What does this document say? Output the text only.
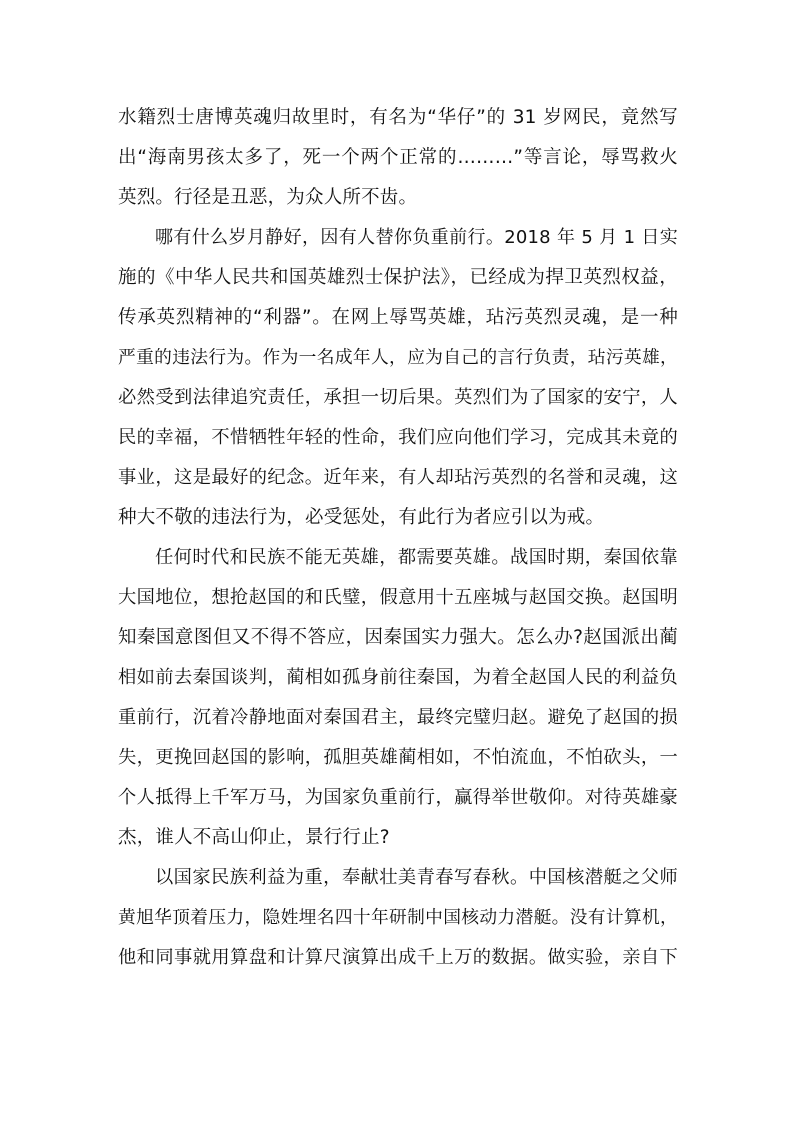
水籍烈士唐博英魂归故里时，有名为“华仔”的 31 岁网民，竟然写
出“海南男孩太多了，死一个两个正常的………”等言论，辱骂救火
英烈。行径是丑恶，为众人所不齿。
哪有什么岁月静好，因有人替你负重前行。2018 年 5 月 1 日实
施的《中华人民共和国英雄烈士保护法》，已经成为捍卫英烈权益，
传承英烈精神的“利器”。在网上辱骂英雄，玷污英烈灵魂，是一种
严重的违法行为。作为一名成年人，应为自己的言行负责，玷污英雄，
必然受到法律追究责任，承担一切后果。英烈们为了国家的安宁，人
民的幸福，不惜牺牲年轻的性命，我们应向他们学习，完成其未竟的
事业，这是最好的纪念。近年来，有人却玷污英烈的名誉和灵魂，这
种大不敬的违法行为，必受惩处，有此行为者应引以为戒。
任何时代和民族不能无英雄，都需要英雄。战国时期，秦国依靠
大国地位，想抢赵国的和氏璧，假意用十五座城与赵国交换。赵国明
知秦国意图但又不得不答应，因秦国实力强大。怎么办?赵国派出蔺
相如前去秦国谈判，蔺相如孤身前往秦国，为着全赵国人民的利益负
重前行，沉着冷静地面对秦国君主，最终完璧归赵。避免了赵国的损
失，更挽回赵国的影响，孤胆英雄蔺相如，不怕流血，不怕砍头，一
个人抵得上千军万马，为国家负重前行，赢得举世敬仰。对待英雄豪
杰，谁人不高山仰止，景行行止?
以国家民族利益为重，奉献壮美青春写春秋。中国核潜艇之父师
黄旭华顶着压力，隐姓埋名四十年研制中国核动力潜艇。没有计算机，
他和同事就用算盘和计算尺演算出成千上万的数据。做实验，亲自下
